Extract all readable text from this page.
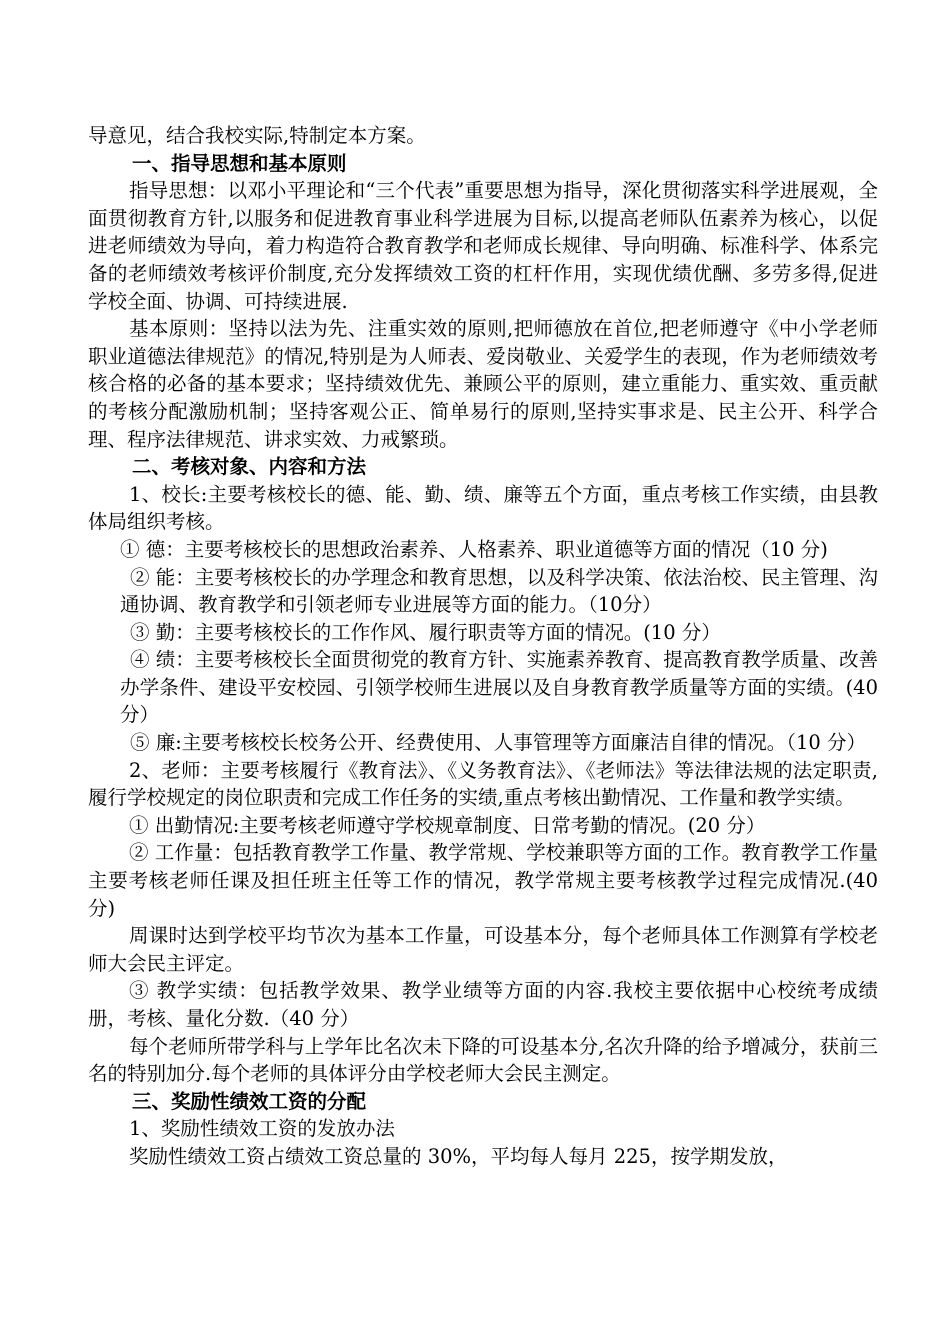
导意见，结合我校实际,特制定本方案。

一、指导思想和基本原则

指导思想：以邓小平理论和“三个代表”重要思想为指导，深化贯彻落实科学进展观，全面贯彻教育方针,以服务和促进教育事业科学进展为目标,以提高老师队伍素养为核心，以促进老师绩效为导向，着力构造符合教育教学和老师成长规律、导向明确、标准科学、体系完备的老师绩效考核评价制度,充分发挥绩效工资的杠杆作用，实现优绩优酬、多劳多得,促进学校全面、协调、可持续进展.

基本原则：坚持以法为先、注重实效的原则,把师德放在首位,把老师遵守《中小学老师职业道德法律规范》的情况,特别是为人师表、爱岗敬业、关爱学生的表现，作为老师绩效考核合格的必备的基本要求；坚持绩效优先、兼顾公平的原则，建立重能力、重实效、重贡献的考核分配激励机制；坚持客观公正、简单易行的原则,坚持实事求是、民主公开、科学合理、程序法律规范、讲求实效、力戒繁琐。

二、考核对象、内容和方法

1、校长:主要考核校长的德、能、勤、绩、廉等五个方面，重点考核工作实绩，由县教体局组织考核。

① 德：主要考核校长的思想政治素养、人格素养、职业道德等方面的情况（10 分)

② 能：主要考核校长的办学理念和教育思想，以及科学决策、依法治校、民主管理、沟通协调、教育教学和引领老师专业进展等方面的能力。（10分）

③ 勤：主要考核校长的工作作风、履行职责等方面的情况。(10 分）

④ 绩：主要考核校长全面贯彻党的教育方针、实施素养教育、提高教育教学质量、改善办学条件、建设平安校园、引领学校师生进展以及自身教育教学质量等方面的实绩。(40 分）

⑤ 廉:主要考核校长校务公开、经费使用、人事管理等方面廉洁自律的情况。（10 分）

2、老师：主要考核履行《教育法》、《义务教育法》、《老师法》等法律法规的法定职责,履行学校规定的岗位职责和完成工作任务的实绩,重点考核出勤情况、工作量和教学实绩。

① 出勤情况:主要考核老师遵守学校规章制度、日常考勤的情况。(20 分）

② 工作量：包括教育教学工作量、教学常规、学校兼职等方面的工作。教育教学工作量主要考核老师任课及担任班主任等工作的情况，教学常规主要考核教学过程完成情况.(40 分)

周课时达到学校平均节次为基本工作量，可设基本分，每个老师具体工作测算有学校老师大会民主评定。

③ 教学实绩：包括教学效果、教学业绩等方面的内容.我校主要依据中心校统考成绩册，考核、量化分数.（40 分）

每个老师所带学科与上学年比名次未下降的可设基本分,名次升降的给予增减分，获前三名的特别加分.每个老师的具体评分由学校老师大会民主测定。

三、奖励性绩效工资的分配

1、奖励性绩效工资的发放办法

奖励性绩效工资占绩效工资总量的 30%，平均每人每月 225，按学期发放，
